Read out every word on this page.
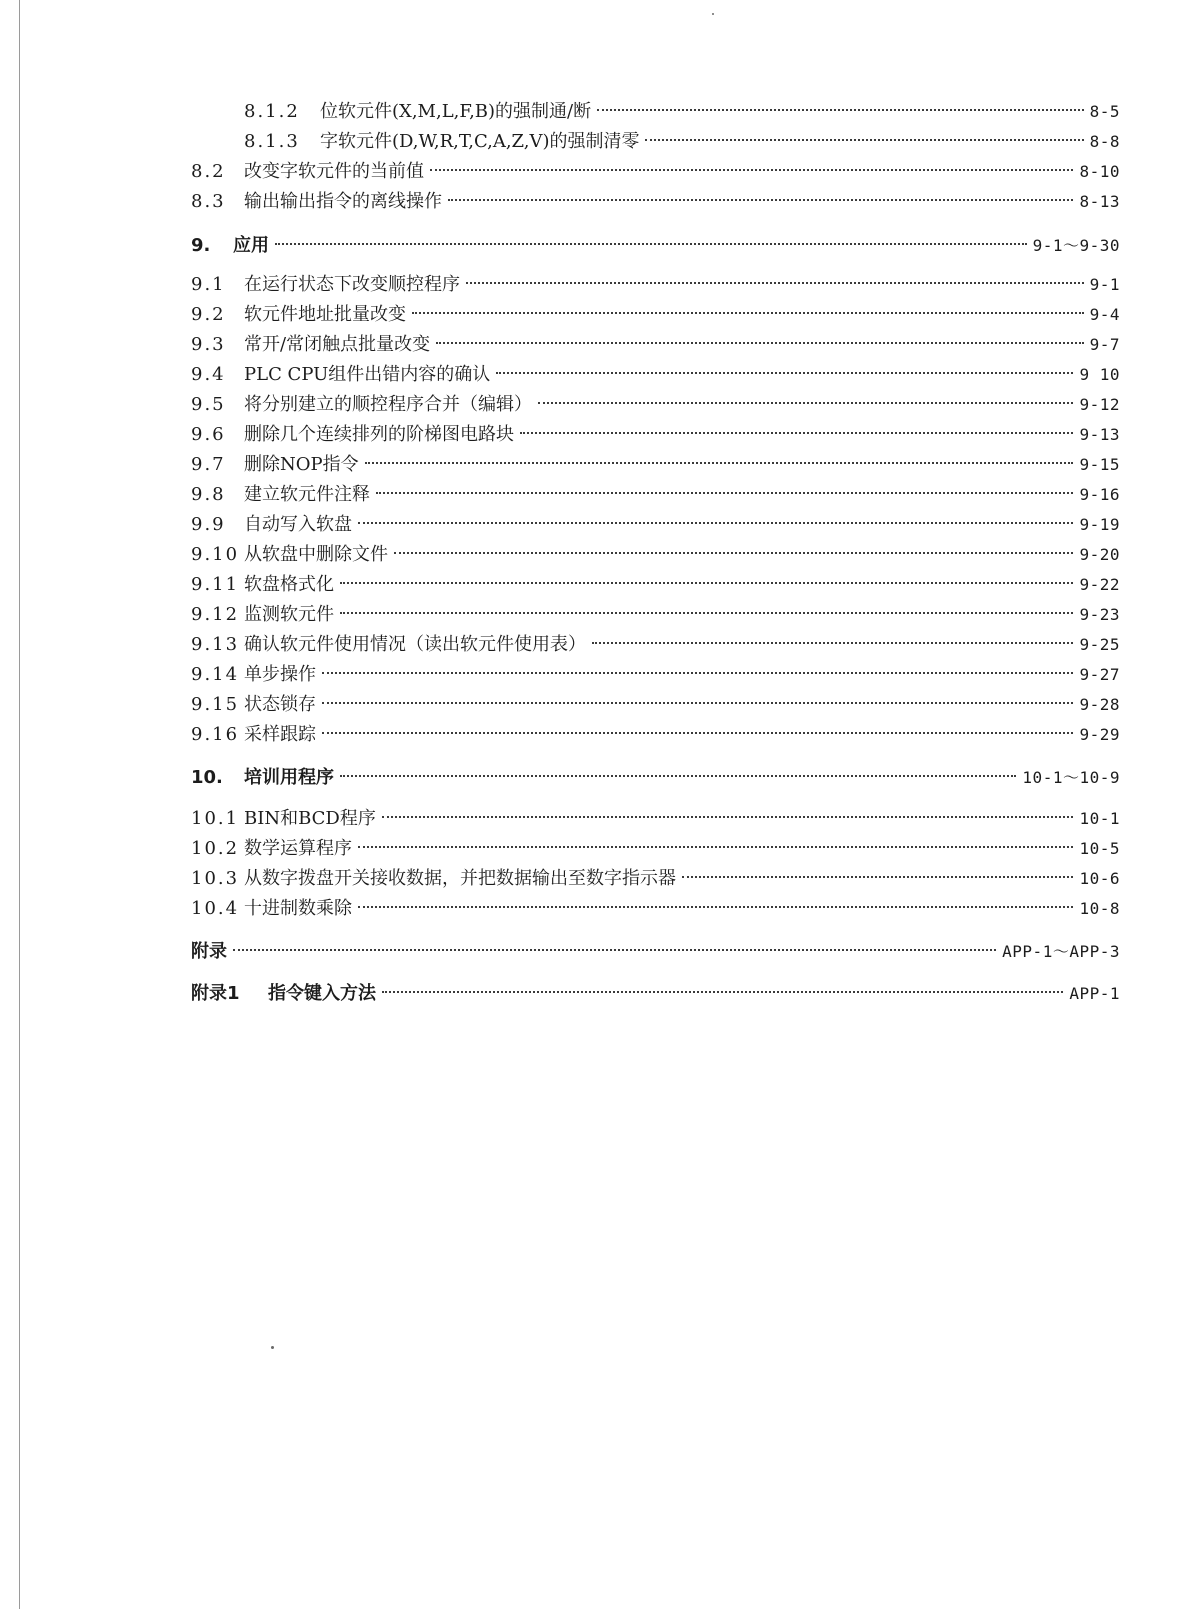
8.1.2	位软元件(X,M,L,F,B)的强制通/断	8-5
8.1.3	字软元件(D,W,R,T,C,A,Z,V)的强制清零	8-8
8.2	改变字软元件的当前值	8-10
8.3	输出输出指令的离线操作	8-13
9.	应用	9-1～9-30
9.1	在运行状态下改变顺控程序	9-1
9.2	软元件地址批量改变	9-4
9.3	常开/常闭触点批量改变	9-7
9.4	PLC CPU组件出错内容的确认	9 10
9.5	将分别建立的顺控程序合并（编辑）	9-12
9.6	删除几个连续排列的阶梯图电路块	9-13
9.7	删除NOP指令	9-15
9.8	建立软元件注释	9-16
9.9	自动写入软盘	9-19
9.10 从软盘中删除文件	9-20
9.11 软盘格式化	9-22
9.12 监测软元件	9-23
9.13 确认软元件使用情况（读出软元件使用表）	9-25
9.14 单步操作	9-27
9.15 状态锁存	9-28
9.16 采样跟踪	9-29
10.	培训用程序	10-1～10-9
10.1 BIN和BCD程序	10-1
10.2 数学运算程序	10-5
10.3 从数字拨盘开关接收数据，并把数据输出至数字指示器	10-6
10.4 十进制数乘除	10-8
附录	APP-1～APP-3
附录1	指令键入方法	APP-1
